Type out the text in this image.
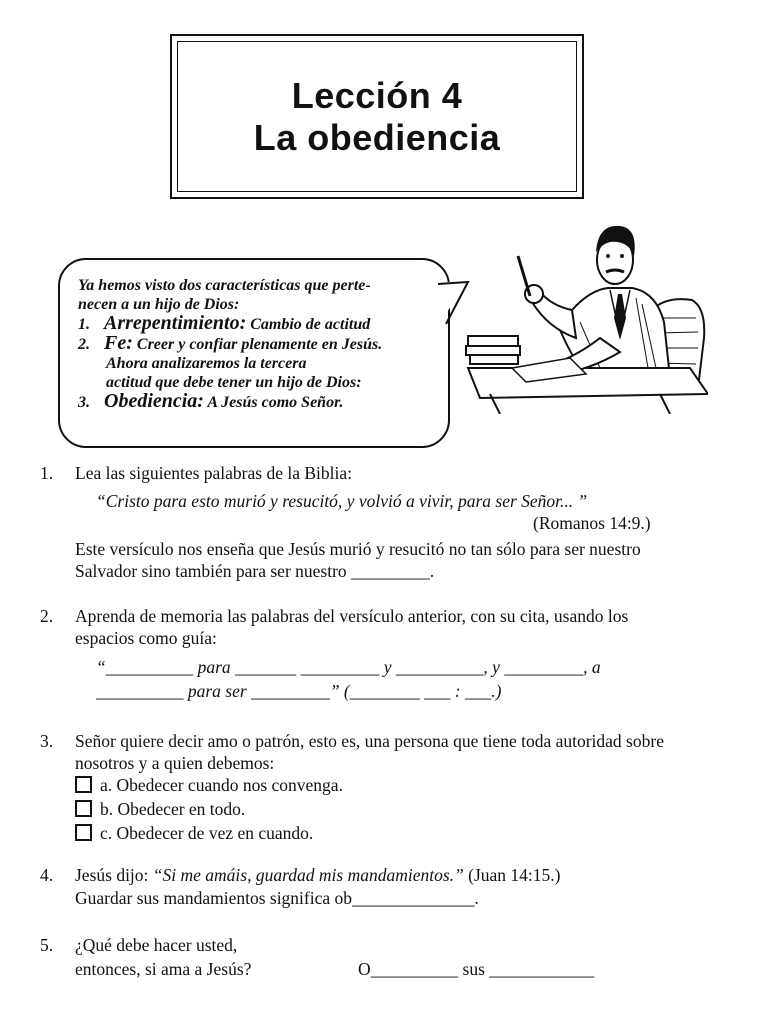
Lección 4
La obediencia
Ya hemos visto dos características que perte-
necen a un hijo de Dios:
1. Arrepentimiento: Cambio de actitud
2. Fe: Creer y confiar plenamente en Jesús.
Ahora analizaremos la tercera
actitud que debe tener un hijo de Dios:
3. Obediencia: A Jesús como Señor.
1.	Lea las siguientes palabras de la Biblia:
“Cristo para esto murió y resucitó, y volvió a vivir, para ser Señor... ”
(Romanos 14:9.)
Este versículo nos enseña que Jesús murió y resucitó no tan sólo para ser nuestro
Salvador sino también para ser nuestro _________.
2.	Aprenda de memoria las palabras del versículo anterior, con su cita, usando los
espacios como guía:
“__________ para _______ _________ y __________, y _________, a
__________ para ser _________” (________ ___ : ___.)
3.	Señor quiere decir amo o patrón, esto es, una persona que tiene toda autoridad sobre
nosotros y a quien debemos:
a. Obedecer cuando nos convenga.
b. Obedecer en todo.
c. Obedecer de vez en cuando.
4.	Jesús dijo: “Si me amáis, guardad mis mandamientos.” (Juan 14:15.)
Guardar sus mandamientos significa ob______________.
5.	¿Qué debe hacer usted,
entonces, si ama a Jesús?	O__________ sus ____________
